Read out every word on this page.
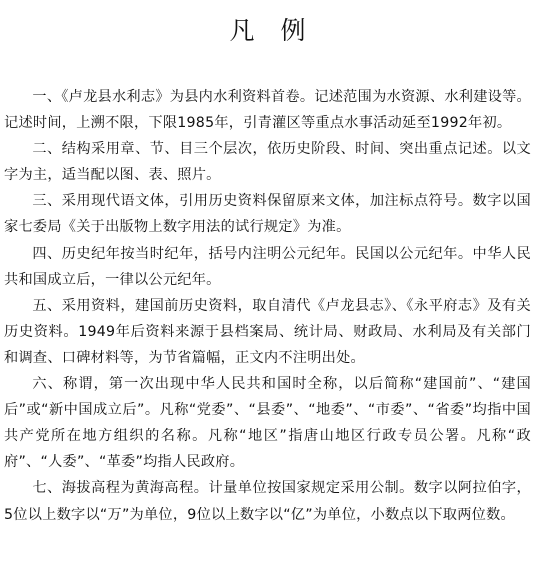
凡例

一、《卢龙县水利志》为县内水利资料首卷。记述范围为水资源、水利建设等。记述时间，上溯不限，下限1985年，引青灌区等重点水事活动延至1992年初。

二、结构采用章、节、目三个层次，依历史阶段、时间、突出重点记述。以文字为主，适当配以图、表、照片。

三、采用现代语文体，引用历史资料保留原来文体，加注标点符号。数字以国家七委局《关于出版物上数字用法的试行规定》为准。

四、历史纪年按当时纪年，括号内注明公元纪年。民国以公元纪年。中华人民共和国成立后，一律以公元纪年。

五、采用资料，建国前历史资料，取自清代《卢龙县志》、《永平府志》及有关历史资料。1949年后资料来源于县档案局、统计局、财政局、水利局及有关部门和调查、口碑材料等，为节省篇幅，正文内不注明出处。

六、称谓，第一次出现中华人民共和国时全称，以后简称“建国前”、“建国后”或“新中国成立后”。凡称“党委”、“县委”、“地委”、“市委”、“省委”均指中国共产党所在地方组织的名称。凡称“地区”指唐山地区行政专员公署。凡称“政府”、“人委”、“革委”均指人民政府。

七、海拔高程为黄海高程。计量单位按国家规定采用公制。数字以阿拉伯字，5位以上数字以“万”为单位，9位以上数字以“亿”为单位，小数点以下取两位数。
